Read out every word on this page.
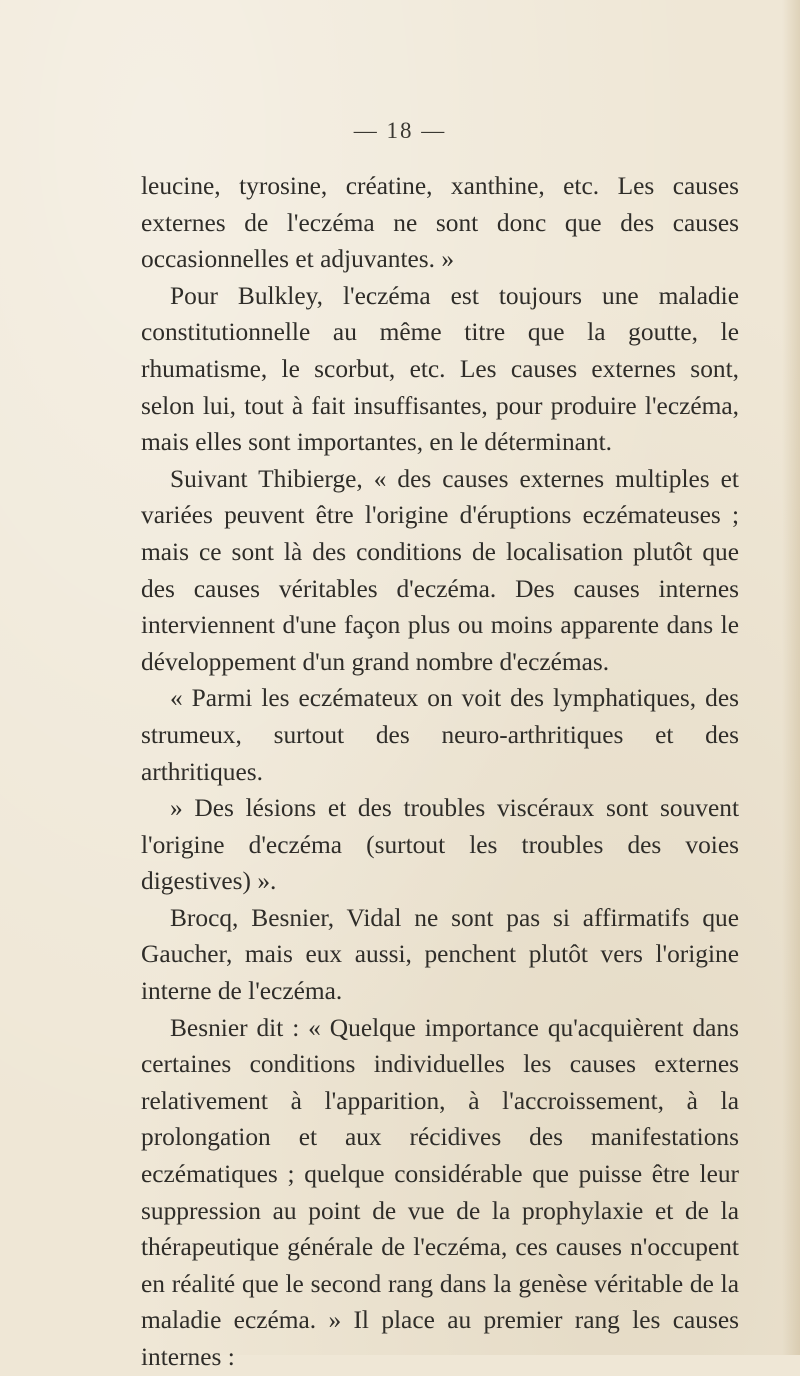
— 18 —

leucine, tyrosine, créatine, xanthine, etc. Les causes externes de l'eczéma ne sont donc que des causes occasionnelles et adjuvantes. »

Pour Bulkley, l'eczéma est toujours une maladie constitutionnelle au même titre que la goutte, le rhumatisme, le scorbut, etc. Les causes externes sont, selon lui, tout à fait insuffisantes, pour produire l'eczéma, mais elles sont importantes, en le déterminant.

Suivant Thibierge, « des causes externes multiples et variées peuvent être l'origine d'éruptions eczémateuses ; mais ce sont là des conditions de localisation plutôt que des causes véritables d'eczéma. Des causes internes interviennent d'une façon plus ou moins apparente dans le développement d'un grand nombre d'eczémas.

« Parmi les eczémateux on voit des lymphatiques, des strumeux, surtout des neuro-arthritiques et des arthritiques.

» Des lésions et des troubles viscéraux sont souvent l'origine d'eczéma (surtout les troubles des voies digestives) ».

Brocq, Besnier, Vidal ne sont pas si affirmatifs que Gaucher, mais eux aussi, penchent plutôt vers l'origine interne de l'eczéma.

Besnier dit : « Quelque importance qu'acquièrent dans certaines conditions individuelles les causes externes relativement à l'apparition, à l'accroissement, à la prolongation et aux récidives des manifestations eczématiques ; quelque considérable que puisse être leur suppression au point de vue de la prophylaxie et de la thérapeutique générale de l'eczéma, ces causes n'occupent en réalité que le second rang dans la genèse véritable de la maladie eczéma. » Il place au premier rang les causes internes :
